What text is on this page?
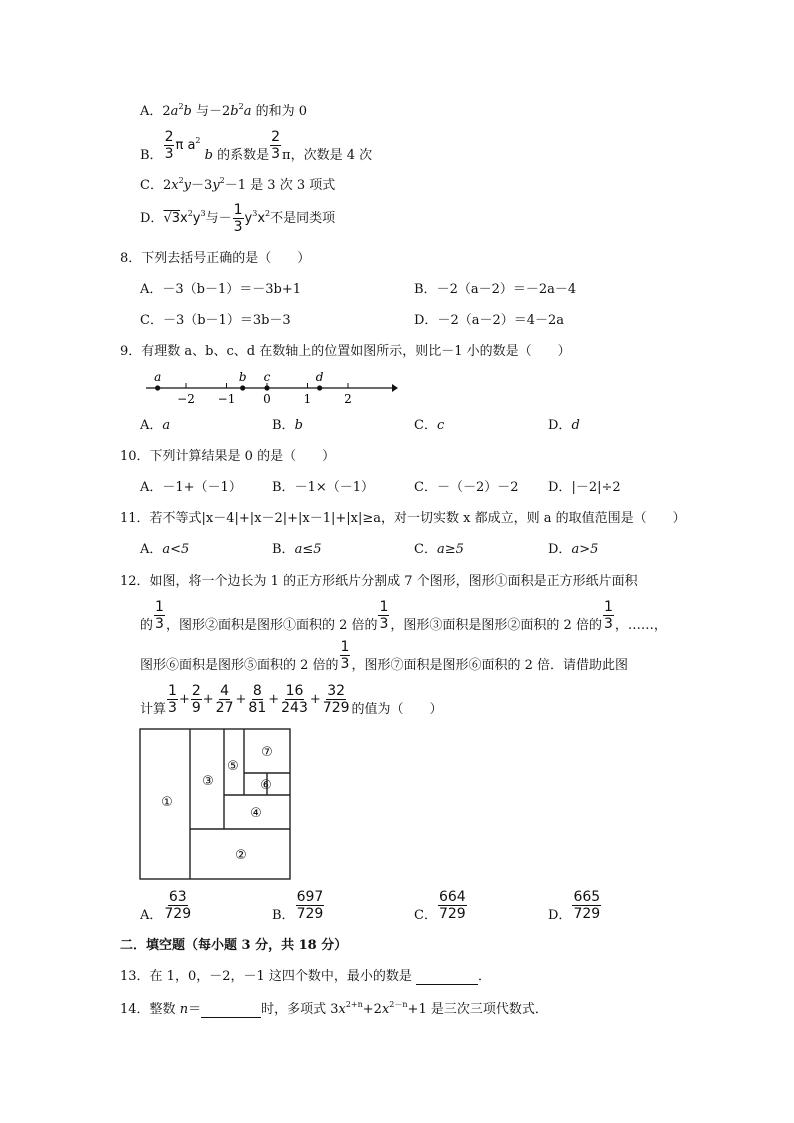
A．$2a^2b$ 与$-2b^2a$ 的和为 0
B． $\frac{2}{3}$ π $a^2$ b 的系数是 $\frac{2}{3}$ π，次数是 4 次
C．$2x^2y-3y^2-1$ 是 3 次 3 项式
D．$√3x^2y^3$与－ $\frac{1}{3} y^3x^2$不是同类项
8．下列去括号正确的是（　　）
A．－3（b－1）＝－3b+1	B．－2（a－2）＝－2a－4
C．－3（b－1）＝3b－3	D．－2（a－2）＝4－2a
9．有理数 a、b、c、d 在数轴上的位置如图所示，则比－1 小的数是（　　）
−2 −1 0	1	2
a	b c	d
A．a	B．b	C．c	D．d
10．下列计算结果是 0 的是（　　）
A．－1+（－1） B．－1×（－1）	C．－（－2）－2 D．|－2|÷2
11．若不等式|x－4|+|x－2|+|x－1|+|x|≥a，对一切实数 x 都成立，则 a 的取值范围是（　　）
A．a<5	B．a≤5	C．a≥5	D．a>5
12．如图，将一个边长为 1 的正方形纸片分割成 7 个图形，图形①面积是正方形纸片面积
的 $\frac{1}{3}$ ，图形②面积是图形①面积的 2 倍的 $\frac{1}{3}$ ，图形③面积是图形②面积的 2 倍的 $\frac{1}{3}$ ，……，
图形⑥面积是图形⑤面积的 2 倍的 $\frac{1}{3}$ ，图形⑦面积是图形⑥面积的 2 倍．请借助此图
计算 $\frac{1}{3} + \frac{2}{9} + \frac{4}{27} + \frac{8}{81} + \frac{16}{243} + \frac{32}{729}$ 的值为（　　）
①
②
③
④
⑤
⑦
⑥
A． $\frac{63}{729}$	B． $\frac{697}{729}$	C． $\frac{664}{729}$	D． $\frac{665}{729}$
二．填空题（每小题 3 分，共 18 分）
13．在 1，0，－2，－1 这四个数中，最小的数是	．
14．整数 n＝	时，多项式 $3x^{2+n}+2x^{2-n}+1$ 是三次三项代数式．
